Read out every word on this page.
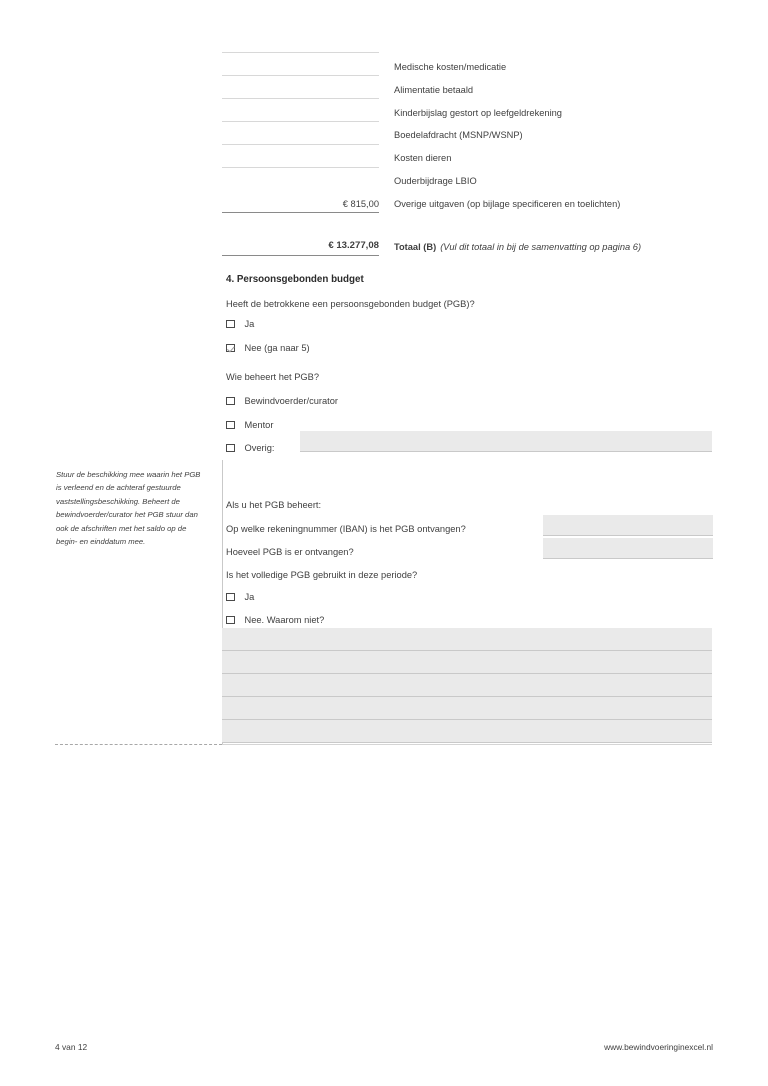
Medische kosten/medicatie
Alimentatie betaald
Kinderbijslag gestort op leefgeldrekening
Boedelafdracht (MSNP/WSNP)
Kosten dieren
Ouderbijdrage LBIO
€ 815,00 Overige uitgaven (op bijlage specificeren en toelichten)
€ 13.277,08 Totaal (B) (Vul dit totaal in bij de samenvatting op pagina 6)
4. Persoonsgebonden budget
Heeft de betrokkene een persoonsgebonden budget (PGB)?
Ja
Nee (ga naar 5)
Wie beheert het PGB?
Bewindvoerder/curator
Mentor
Overig:
Stuur de beschikking mee waarin het PGB is verleend en de achteraf gestuurde vaststellingsbeschikking. Beheert de bewindvoerder/curator het PGB stuur dan ook de afschriften met het saldo op de begin- en einddatum mee.
Als u het PGB beheert:
Op welke rekeningnummer (IBAN) is het PGB ontvangen?
Hoeveel PGB is er ontvangen?
Is het volledige PGB gebruikt in deze periode?
Ja
Nee. Waarom niet?
4 van 12	www.bewindvoeringinexcel.nl
